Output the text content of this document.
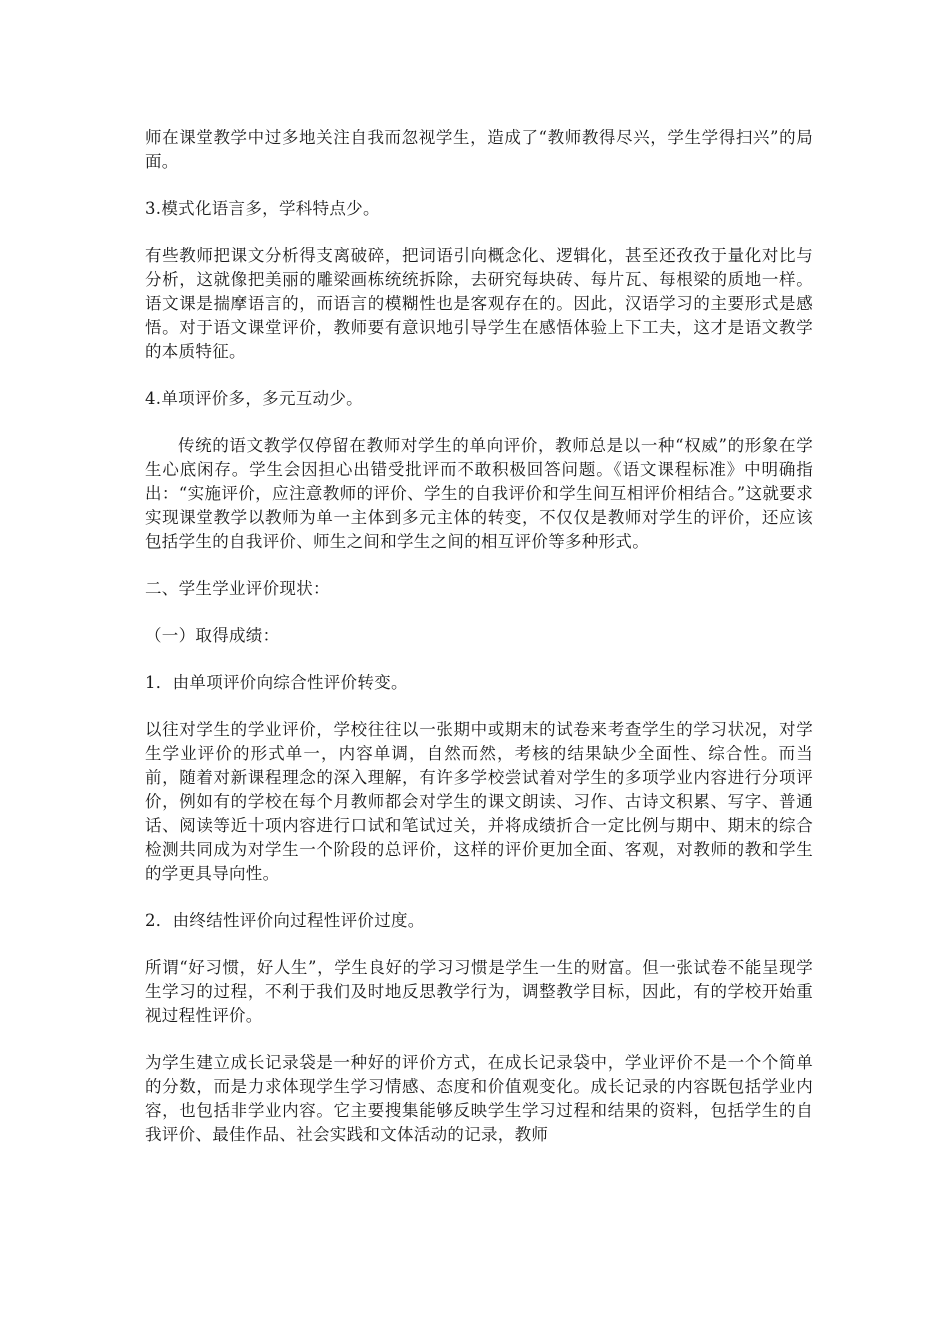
师在课堂教学中过多地关注自我而忽视学生，造成了“教师教得尽兴，学生学得扫兴”的局面。

3.模式化语言多，学科特点少。

有些教师把课文分析得支离破碎，把词语引向概念化、逻辑化，甚至还孜孜于量化对比与分析，这就像把美丽的雕梁画栋统统拆除，去研究每块砖、每片瓦、每根梁的质地一样。语文课是揣摩语言的，而语言的模糊性也是客观存在的。因此，汉语学习的主要形式是感悟。对于语文课堂评价，教师要有意识地引导学生在感悟体验上下工夫，这才是语文教学的本质特征。

4.单项评价多，多元互动少。

传统的语文教学仅停留在教师对学生的单向评价，教师总是以一种“权威”的形象在学生心底闲存。学生会因担心出错受批评而不敢积极回答问题。《语文课程标准》中明确指出：“实施评价，应注意教师的评价、学生的自我评价和学生间互相评价相结合。”这就要求实现课堂教学以教师为单一主体到多元主体的转变，不仅仅是教师对学生的评价，还应该包括学生的自我评价、师生之间和学生之间的相互评价等多种形式。

二、学生学业评价现状：

（一）取得成绩：

1．由单项评价向综合性评价转变。

以往对学生的学业评价，学校往往以一张期中或期末的试卷来考查学生的学习状况，对学生学业评价的形式单一，内容单调，自然而然，考核的结果缺少全面性、综合性。而当前，随着对新课程理念的深入理解，有许多学校尝试着对学生的多项学业内容进行分项评价，例如有的学校在每个月教师都会对学生的课文朗读、习作、古诗文积累、写字、普通话、阅读等近十项内容进行口试和笔试过关，并将成绩折合一定比例与期中、期末的综合检测共同成为对学生一个阶段的总评价，这样的评价更加全面、客观，对教师的教和学生的学更具导向性。

2．由终结性评价向过程性评价过度。

所谓“好习惯，好人生”，学生良好的学习习惯是学生一生的财富。但一张试卷不能呈现学生学习的过程，不利于我们及时地反思教学行为，调整教学目标，因此，有的学校开始重视过程性评价。

为学生建立成长记录袋是一种好的评价方式，在成长记录袋中，学业评价不是一个个简单的分数，而是力求体现学生学习情感、态度和价值观变化。成长记录的内容既包括学业内容，也包括非学业内容。它主要搜集能够反映学生学习过程和结果的资料，包括学生的自我评价、最佳作品、社会实践和文体活动的记录，教师
